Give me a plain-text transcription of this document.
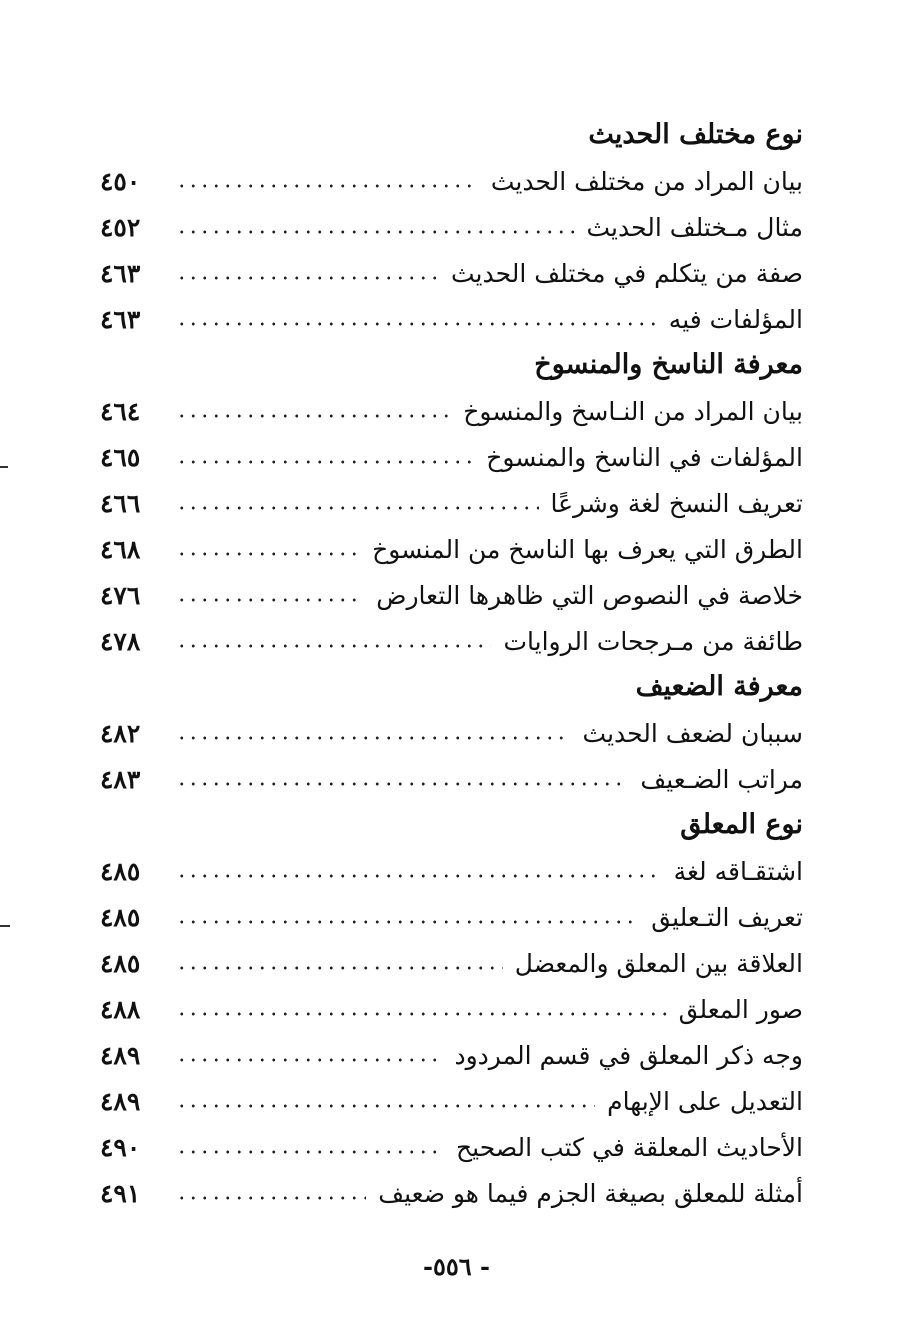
نوع مختلف الحديث
بيان المراد من مختلف الحديث
٤٥٠
مثال مـختلف الحديث
٤٥٢
صفة من يتكلم في مختلف الحديث
٤٦٣
المؤلفات فيه
٤٦٣
معرفة الناسخ والمنسوخ
بيان المراد من النـاسخ والمنسوخ
٤٦٤
المؤلفات في الناسخ والمنسوخ
٤٦٥
تعريف النسخ لغة وشرعًا
٤٦٦
الطرق التي يعرف بها الناسخ من المنسوخ
٤٦٨
خلاصة في النصوص التي ظاهرها التعارض
٤٧٦
طائفة من مـرجحات الروايات
٤٧٨
معرفة الضعيف
سببان لضعف الحديث
٤٨٢
مراتب الضـعيف
٤٨٣
نوع المعلق
اشتقـاقه لغة
٤٨٥
تعريف التـعليق
٤٨٥
العلاقة بين المعلق والمعضل
٤٨٥
صور المعلق
٤٨٨
وجه ذكر المعلق في قسم المردود
٤٨٩
التعديل على الإبهام
٤٨٩
الأحاديث المعلقة في كتب الصحيح
٤٩٠
أمثلة للمعلق بصيغة الجزم فيما هو ضعيف
٤٩١
- ٥٥٦-
